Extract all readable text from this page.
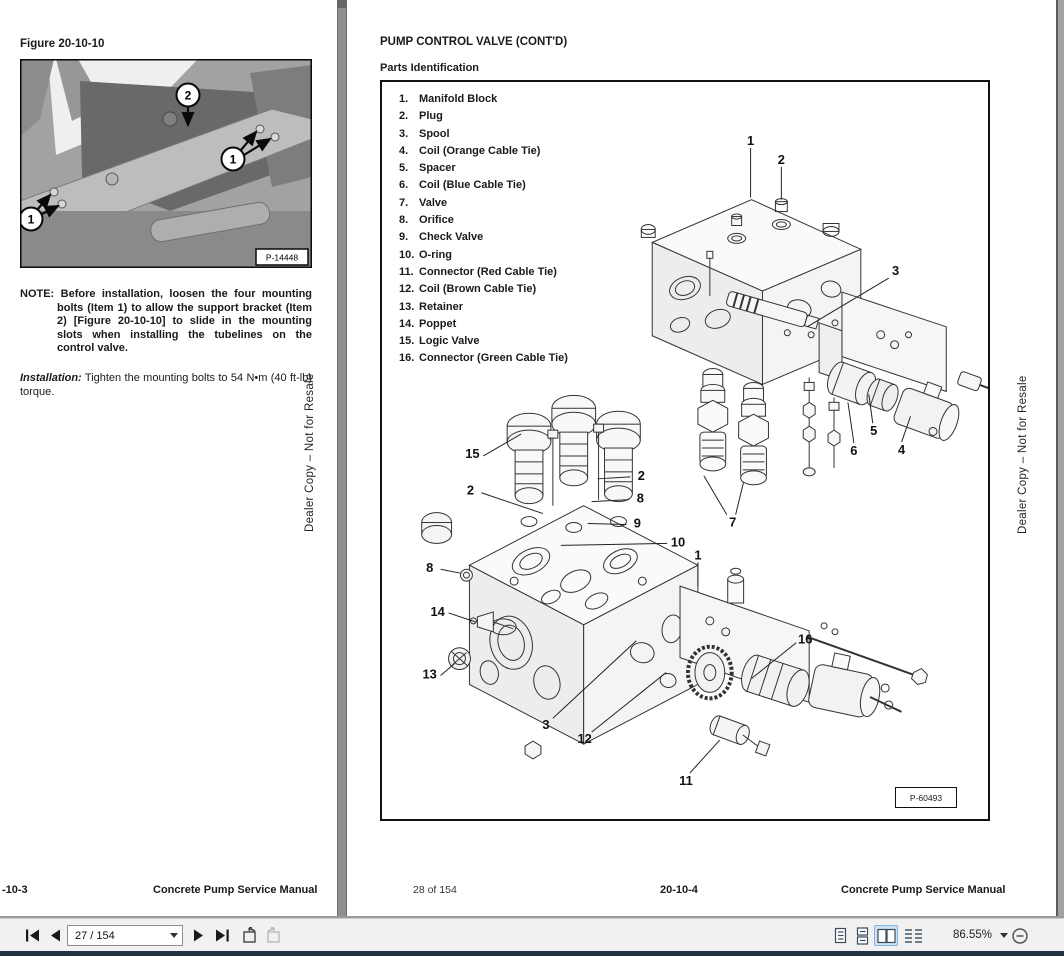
Figure 20-10-10
2
1
1
P-14448

NOTE: Before installation, loosen the four mounting bolts (Item 1) to allow the support bracket (Item 2) [Figure 20-10-10] to slide in the mounting slots when installing the tubelines on the control valve.

Installation: Tighten the mounting bolts to 54 N•m (40 ft-lb) torque.	Dealer Copy – Not for Resale
-10-3	Concrete Pump Service Manual
PUMP CONTROL VALVE (CONT'D)
Parts Identification
1. Manifold Block
2. Plug
3. Spool
4. Coil (Orange Cable Tie)
5. Spacer
6. Coil (Blue Cable Tie)
7. Valve
8. Orifice
9. Check Valve
10. O-ring
11. Connector (Red Cable Tie)
12. Coil (Brown Cable Tie)
13. Retainer
14. Poppet
15. Logic Valve
16. Connector (Green Cable Tie)
1
2
3
5
6	4
7
15
2
8
14
13
2
8
9
10
1
16
3
12
11
P-60493
Dealer Copy – Not for Resale
28 of 154	20-10-4	Concrete Pump Service Manual
27 / 154
86.55%
